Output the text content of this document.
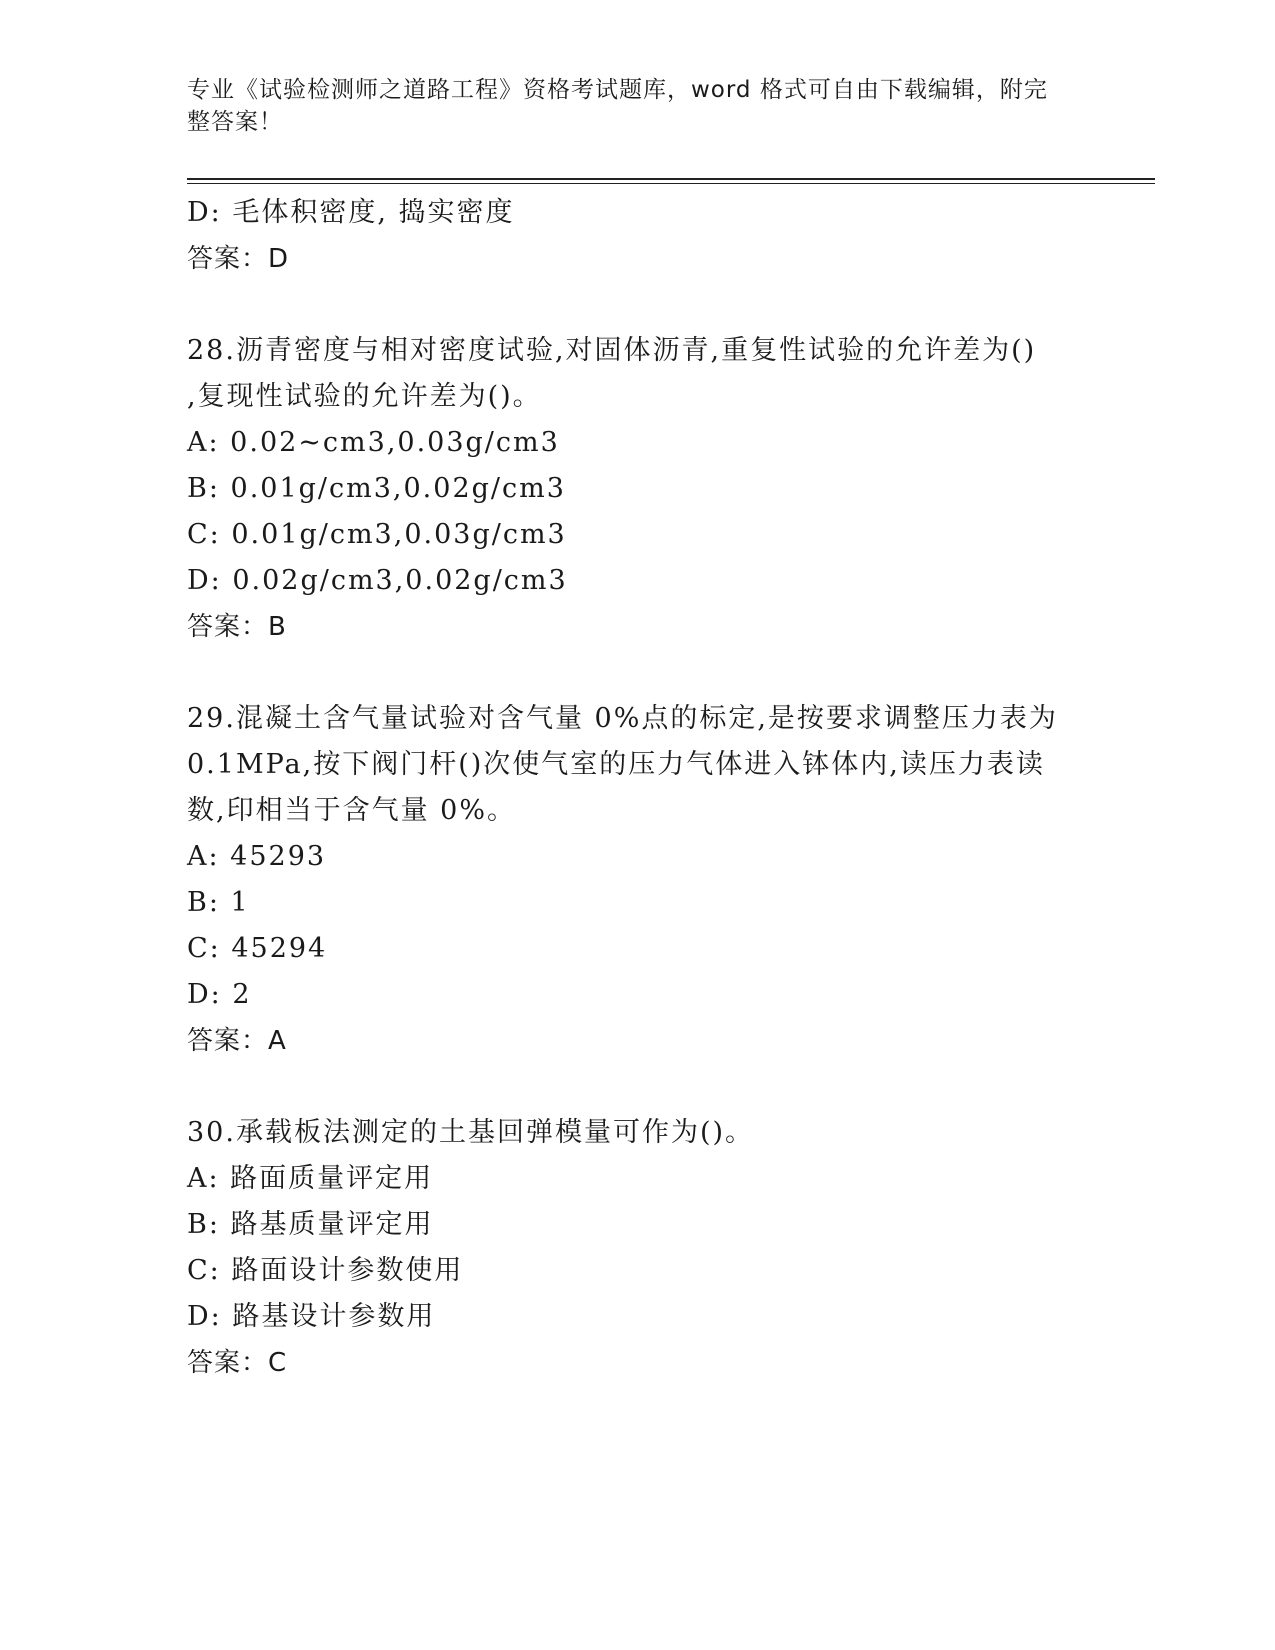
专业《试验检测师之道路工程》资格考试题库，word 格式可自由下载编辑，附完
整答案！
D: 毛体积密度, 捣实密度
答案：D
28.沥青密度与相对密度试验,对固体沥青,重复性试验的允许差为()
,复现性试验的允许差为()。
A: 0.02~cm3,0.03g/cm3
B: 0.01g/cm3,0.02g/cm3
C: 0.01g/cm3,0.03g/cm3
D: 0.02g/cm3,0.02g/cm3
答案：B
29.混凝土含气量试验对含气量 0%点的标定,是按要求调整压力表为
0.1MPa,按下阀门杆()次使气室的压力气体进入钵体内,读压力表读
数,印相当于含气量 0%。
A: 45293
B: 1
C: 45294
D: 2
答案：A
30.承载板法测定的土基回弹模量可作为()。
A: 路面质量评定用
B: 路基质量评定用
C: 路面设计参数使用
D: 路基设计参数用
答案：C
